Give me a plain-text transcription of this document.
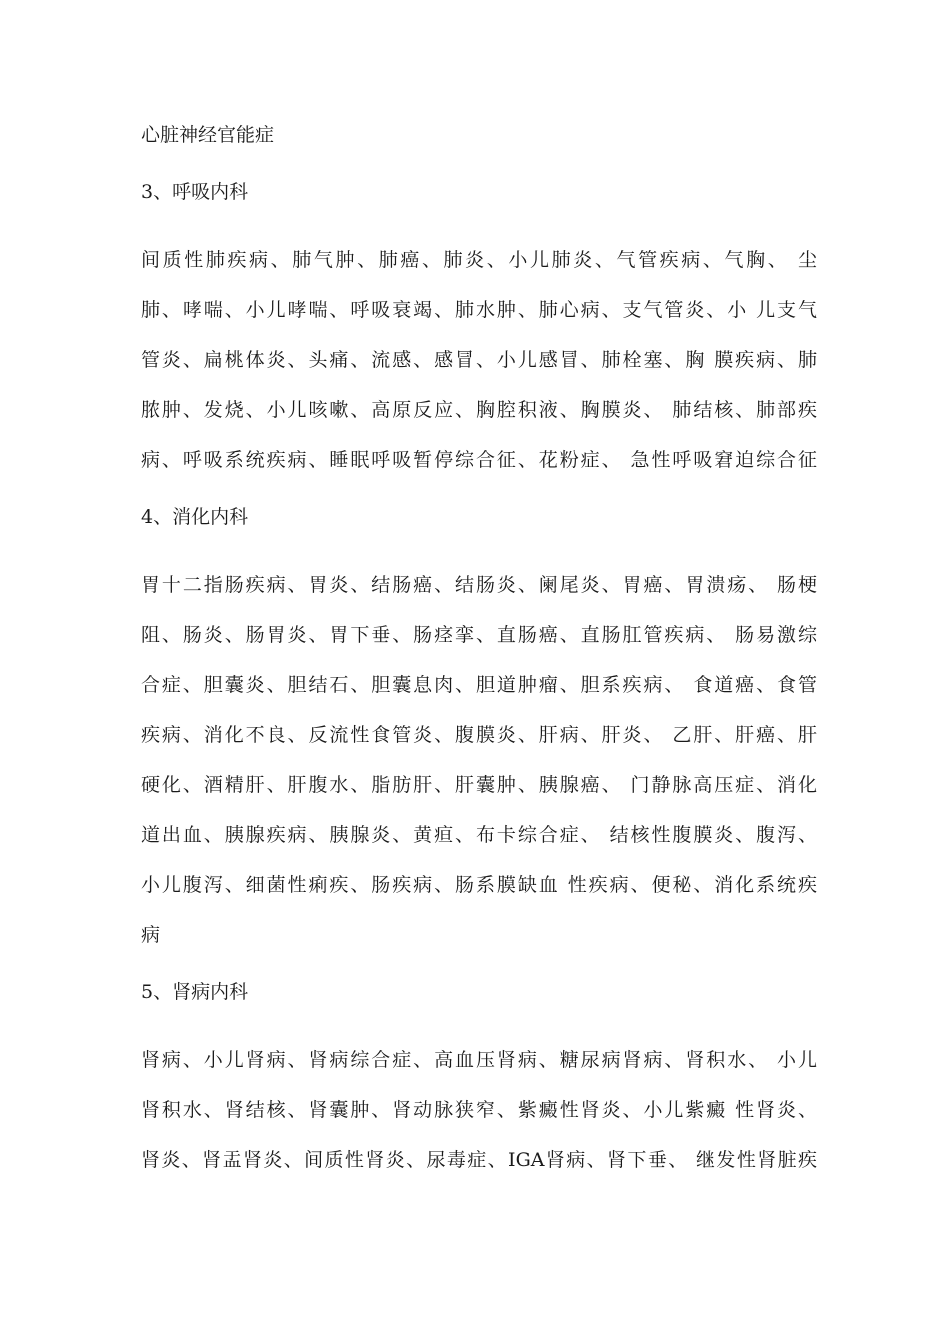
心脏神经官能症
3、呼吸内科
间质性肺疾病、肺气肿、肺癌、肺炎、小儿肺炎、气管疾病、气胸、 尘
肺、哮喘、小儿哮喘、呼吸衰竭、肺水肿、肺心病、支气管炎、小 儿支气
管炎、扁桃体炎、头痛、流感、感冒、小儿感冒、肺栓塞、胸 膜疾病、肺
脓肿、发烧、小儿咳嗽、高原反应、胸腔积液、胸膜炎、 肺结核、肺部疾
病、呼吸系统疾病、睡眠呼吸暂停综合征、花粉症、 急性呼吸窘迫综合征
4、消化内科
胃十二指肠疾病、胃炎、结肠癌、结肠炎、阑尾炎、胃癌、胃溃疡、 肠梗
阻、肠炎、肠胃炎、胃下垂、肠痉挛、直肠癌、直肠肛管疾病、 肠易激综
合症、胆囊炎、胆结石、胆囊息肉、胆道肿瘤、胆系疾病、 食道癌、食管
疾病、消化不良、反流性食管炎、腹膜炎、肝病、肝炎、 乙肝、肝癌、肝
硬化、酒精肝、肝腹水、脂肪肝、肝囊肿、胰腺癌、 门静脉高压症、消化
道出血、胰腺疾病、胰腺炎、黄疸、布卡综合症、 结核性腹膜炎、腹泻、
小儿腹泻、细菌性痢疾、肠疾病、肠系膜缺血 性疾病、便秘、消化系统疾
病
5、肾病内科
肾病、小儿肾病、肾病综合症、高血压肾病、糖尿病肾病、肾积水、 小儿
肾积水、肾结核、肾囊肿、肾动脉狭窄、紫癜性肾炎、小儿紫癜 性肾炎、
肾炎、肾盂肾炎、间质性肾炎、尿毒症、IGA肾病、肾下垂、 继发性肾脏疾
